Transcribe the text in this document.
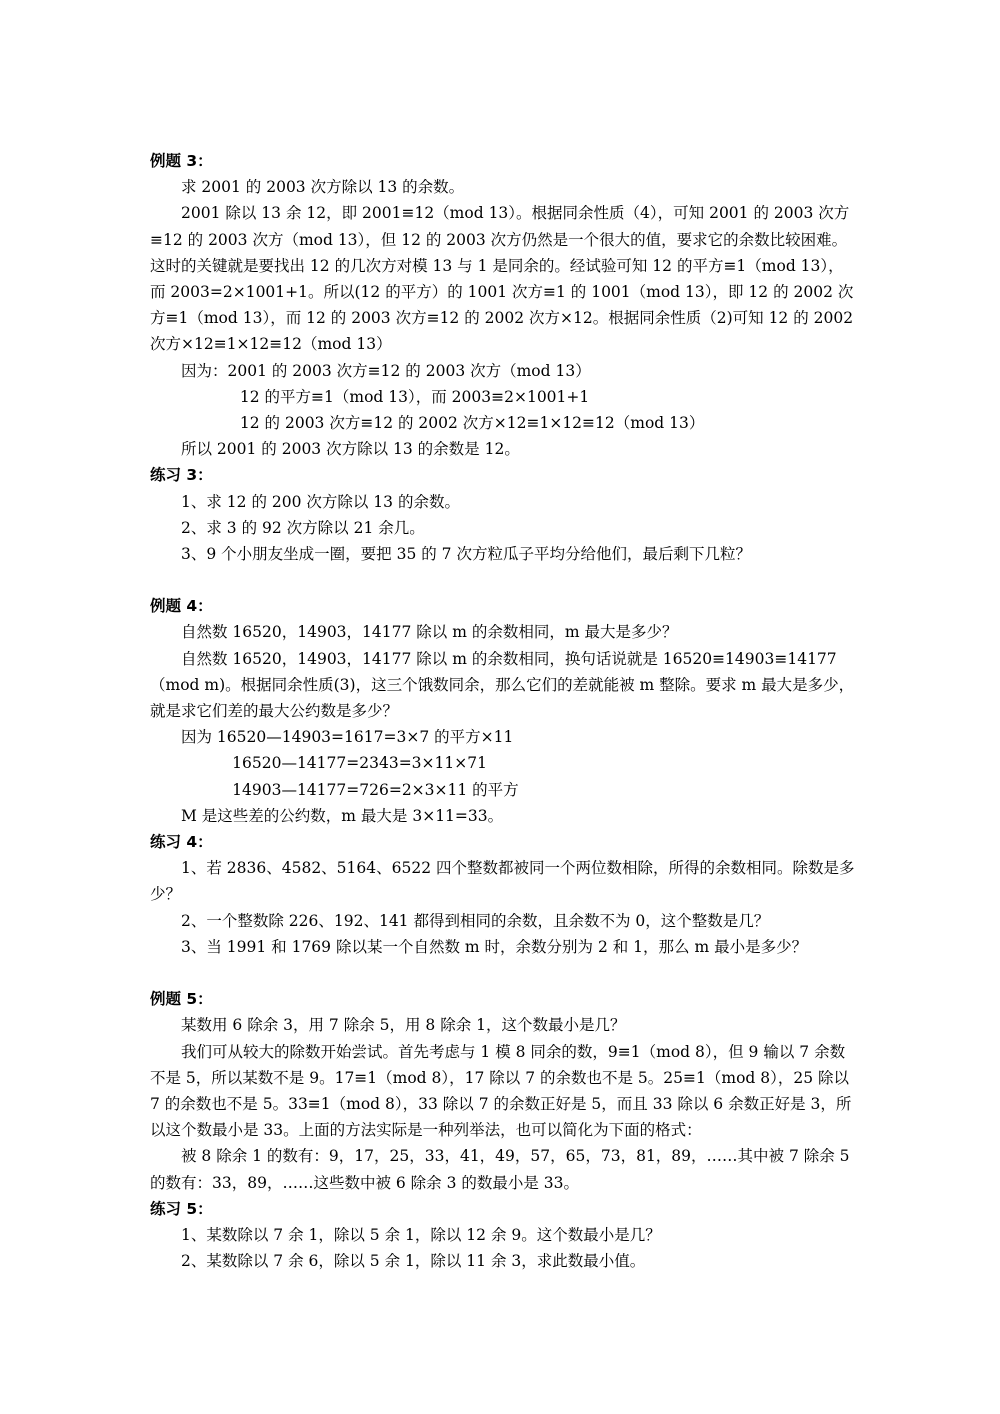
例题 3：
求 2001 的 2003 次方除以 13 的余数。
2001 除以 13 余 12，即 2001≡12（mod 13）。根据同余性质（4），可知 2001 的 2003 次方≡12 的 2003 次方（mod 13），但 12 的 2003 次方仍然是一个很大的值，要求它的余数比较困难。这时的关键就是要找出 12 的几次方对模 13 与 1 是同余的。经试验可知 12 的平方≡1（mod 13），而 2003=2×1001+1。所以(12 的平方）的 1001 次方≡1 的 1001（mod 13），即 12 的 2002 次方≡1（mod 13），而 12 的 2003 次方≡12 的 2002 次方×12。根据同余性质（2)可知 12 的 2002 次方×12≡1×12≡12（mod 13）
因为：2001 的 2003 次方≡12 的 2003 次方（mod 13）
12 的平方≡1（mod 13），而 2003≡2×1001+1
12 的 2003 次方≡12 的 2002 次方×12≡1×12≡12（mod 13）
所以 2001 的 2003 次方除以 13 的余数是 12。
练习 3：
1、求 12 的 200 次方除以 13 的余数。
2、求 3 的 92 次方除以 21 余几。
3、9 个小朋友坐成一圈，要把 35 的 7 次方粒瓜子平均分给他们，最后剩下几粒？
例题 4：
自然数 16520，14903，14177 除以 m 的余数相同，m 最大是多少？
自然数 16520，14903，14177 除以 m 的余数相同，换句话说就是 16520≡14903≡14177（mod m)。根据同余性质(3)，这三个饿数同余，那么它们的差就能被 m 整除。要求 m 最大是多少，就是求它们差的最大公约数是多少？
因为 16520—14903=1617=3×7 的平方×11
16520—14177=2343=3×11×71
14903—14177=726=2×3×11 的平方
M 是这些差的公约数，m 最大是 3×11=33。
练习 4：
1、若 2836、4582、5164、6522 四个整数都被同一个两位数相除，所得的余数相同。除数是多少？
2、一个整数除 226、192、141 都得到相同的余数，且余数不为 0，这个整数是几？
3、当 1991 和 1769 除以某一个自然数 m 时，余数分别为 2 和 1，那么 m 最小是多少？
例题 5：
某数用 6 除余 3，用 7 除余 5，用 8 除余 1，这个数最小是几？
我们可从较大的除数开始尝试。首先考虑与 1 模 8 同余的数，9≡1（mod 8），但 9 输以 7 余数不是 5，所以某数不是 9。17≡1（mod 8），17 除以 7 的余数也不是 5。25≡1（mod 8），25 除以 7 的余数也不是 5。33≡1（mod 8），33 除以 7 的余数正好是 5，而且 33 除以 6 余数正好是 3，所以这个数最小是 33。上面的方法实际是一种列举法，也可以简化为下面的格式：
被 8 除余 1 的数有：9，17，25，33，41，49，57，65，73，81，89，……其中被 7 除余 5 的数有：33，89，……这些数中被 6 除余 3 的数最小是 33。
练习 5：
1、某数除以 7 余 1，除以 5 余 1，除以 12 余 9。这个数最小是几？
2、某数除以 7 余 6，除以 5 余 1，除以 11 余 3，求此数最小值。
